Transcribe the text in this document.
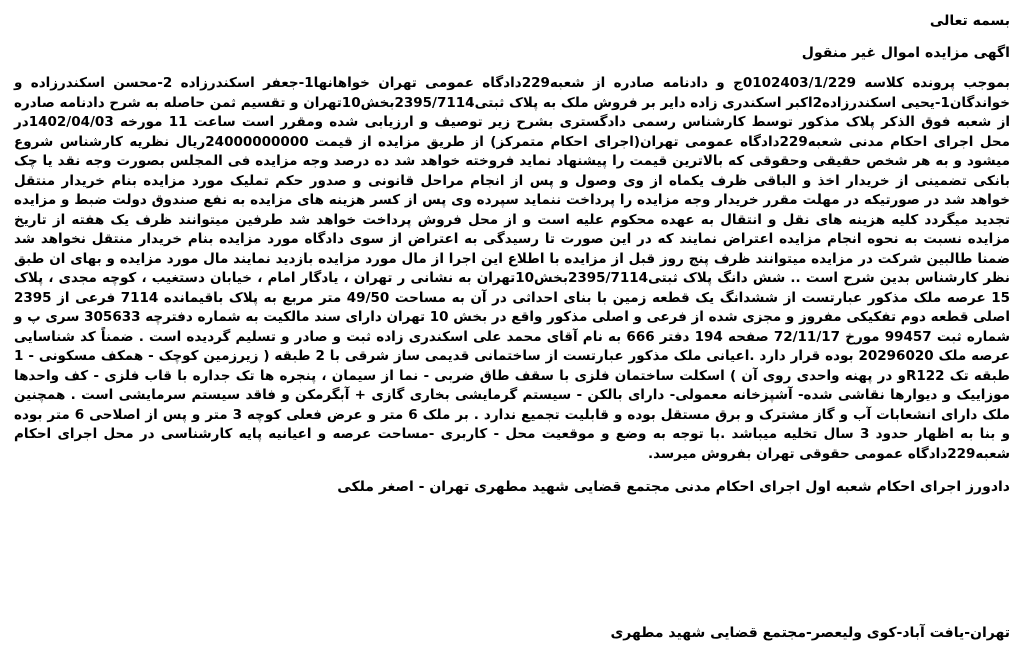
بسمه تعالی
اگهی مزایده اموال غیر منقول

بموجب پرونده کلاسه 0102403/1/229ج و دادنامه صادره از شعبه229دادگاه عمومی تهران خواهانها1-جعفر اسکندرزاده 2-محسن اسکندرزاده و خواندگان1-یحیی اسکندرزاده2اکبر اسکندری زاده دایر بر فروش ملک به پلاک ثبتی2395/7114بخش10تهران و تقسیم ثمن حاصله به شرح دادنامه صادره از شعبه فوق الذکر پلاک مذکور توسط کارشناس رسمی دادگستری بشرح زیر توصیف و ارزیابی شده ومقرر است ساعت 11 مورخه 1402/04/03در محل اجرای احکام مدنی شعبه229دادگاه عمومی تهران(اجرای احکام متمرکز) از طریق مزایده از قیمت 24000000000ریال نظریه کارشناس شروع میشود و به هر شخص حقیقی وحقوقی که بالاترین قیمت را پیشنهاد نماید فروخته خواهد شد ده درصد وجه مزایده فی المجلس بصورت وجه نقد یا چک بانکی تضمینی از خریدار اخذ و الباقی ظرف یکماه از وی وصول و پس از انجام مراحل قانونی و صدور حکم تملیک مورد مزایده بنام خریدار منتقل خواهد شد در صورتیکه در مهلت مقرر خریدار وجه مزایده را پرداخت ننماید سپرده وی پس از کسر هزینه های مزایده به نفع صندوق دولت ضبط و مزایده تجدید میگردد کلیه هزینه های نقل و انتقال به عهده محکوم علیه است و از محل فروش پرداخت خواهد شد طرفین میتوانند ظرف یک هفته از تاریخ مزایده نسبت به نحوه انجام مزایده اعتراض نمایند که در این صورت تا رسیدگی به اعتراض از سوی دادگاه مورد مزایده بنام خریدار منتقل نخواهد شد ضمنا طالبین شرکت در مزایده میتوانند ظرف پنج روز قبل از مزایده با اطلاع این اجرا از مال مورد مزایده بازدید نمایند مال مورد مزایده و بهای ان طبق نظر کارشناس بدین شرح است .. شش دانگ پلاک ثبتی2395/7114بخش10تهران به نشانی ر تهران ، یادگار امام ، خیابان دستغیب ، کوچه مجدی ، پلاک 15 عرصه ملک مذکور عبارتست از ششدانگ یک قطعه زمین با بنای احداثی در آن به مساحت 49/50 متر مربع به پلاک باقیمانده 7114 فرعی از 2395 اصلی قطعه دوم تفکیکی مفروز و مجزی شده از فرعی و اصلی مذکور واقع در بخش 10 تهران دارای سند مالکیت به شماره دفترچه 305633 سری پ و شماره ثبت 99457 مورخ 72/11/17 صفحه 194 دفتر 666 به نام آقای محمد علی اسکندری زاده ثبت و صادر و تسلیم گردیده است . ضمناً کد شناسایی عرصه ملک 20296020 بوده قرار دارد .اعیانی ملک مذکور عبارتست از ساختمانی قدیمی ساز شرقی با 2 طبقه ( زیرزمین کوچک - همکف مسکونی - 1 طبقه تک R122و در پهنه واحدی روی آن ) اسکلت ساختمان فلزی با سقف طاق ضربی - نما از سیمان ، پنجره ها تک جداره با قاب فلزی - کف واحدها موزاییک و دیوارها نقاشی شده- آشپزخانه معمولی- دارای بالکن - سیستم گرمایشی بخاری گازی + آبگرمکن و فاقد سیستم سرمایشی است . همچنین ملک دارای انشعابات آب و گاز مشترک و برق مستقل بوده و قابلیت تجمیع ندارد . بر ملک 6 متر و عرض فعلی کوچه 3 متر و پس از اصلاحی 6 متر بوده و بنا به اظهار حدود 3 سال تخلیه میباشد .با توجه به وضع و موقعیت محل - کاربری -مساحت عرصه و اعیانیه پایه کارشناسی در محل اجرای احکام شعبه229دادگاه عمومی حقوقی تهران بفروش میرسد.

دادورز اجرای احکام شعبه اول اجرای احکام مدنی مجتمع قضایی شهید مطهری تهران - اصغر ملکی
تهران-یافت آباد-کوی ولیعصر-مجتمع قضایی شهید مطهری
